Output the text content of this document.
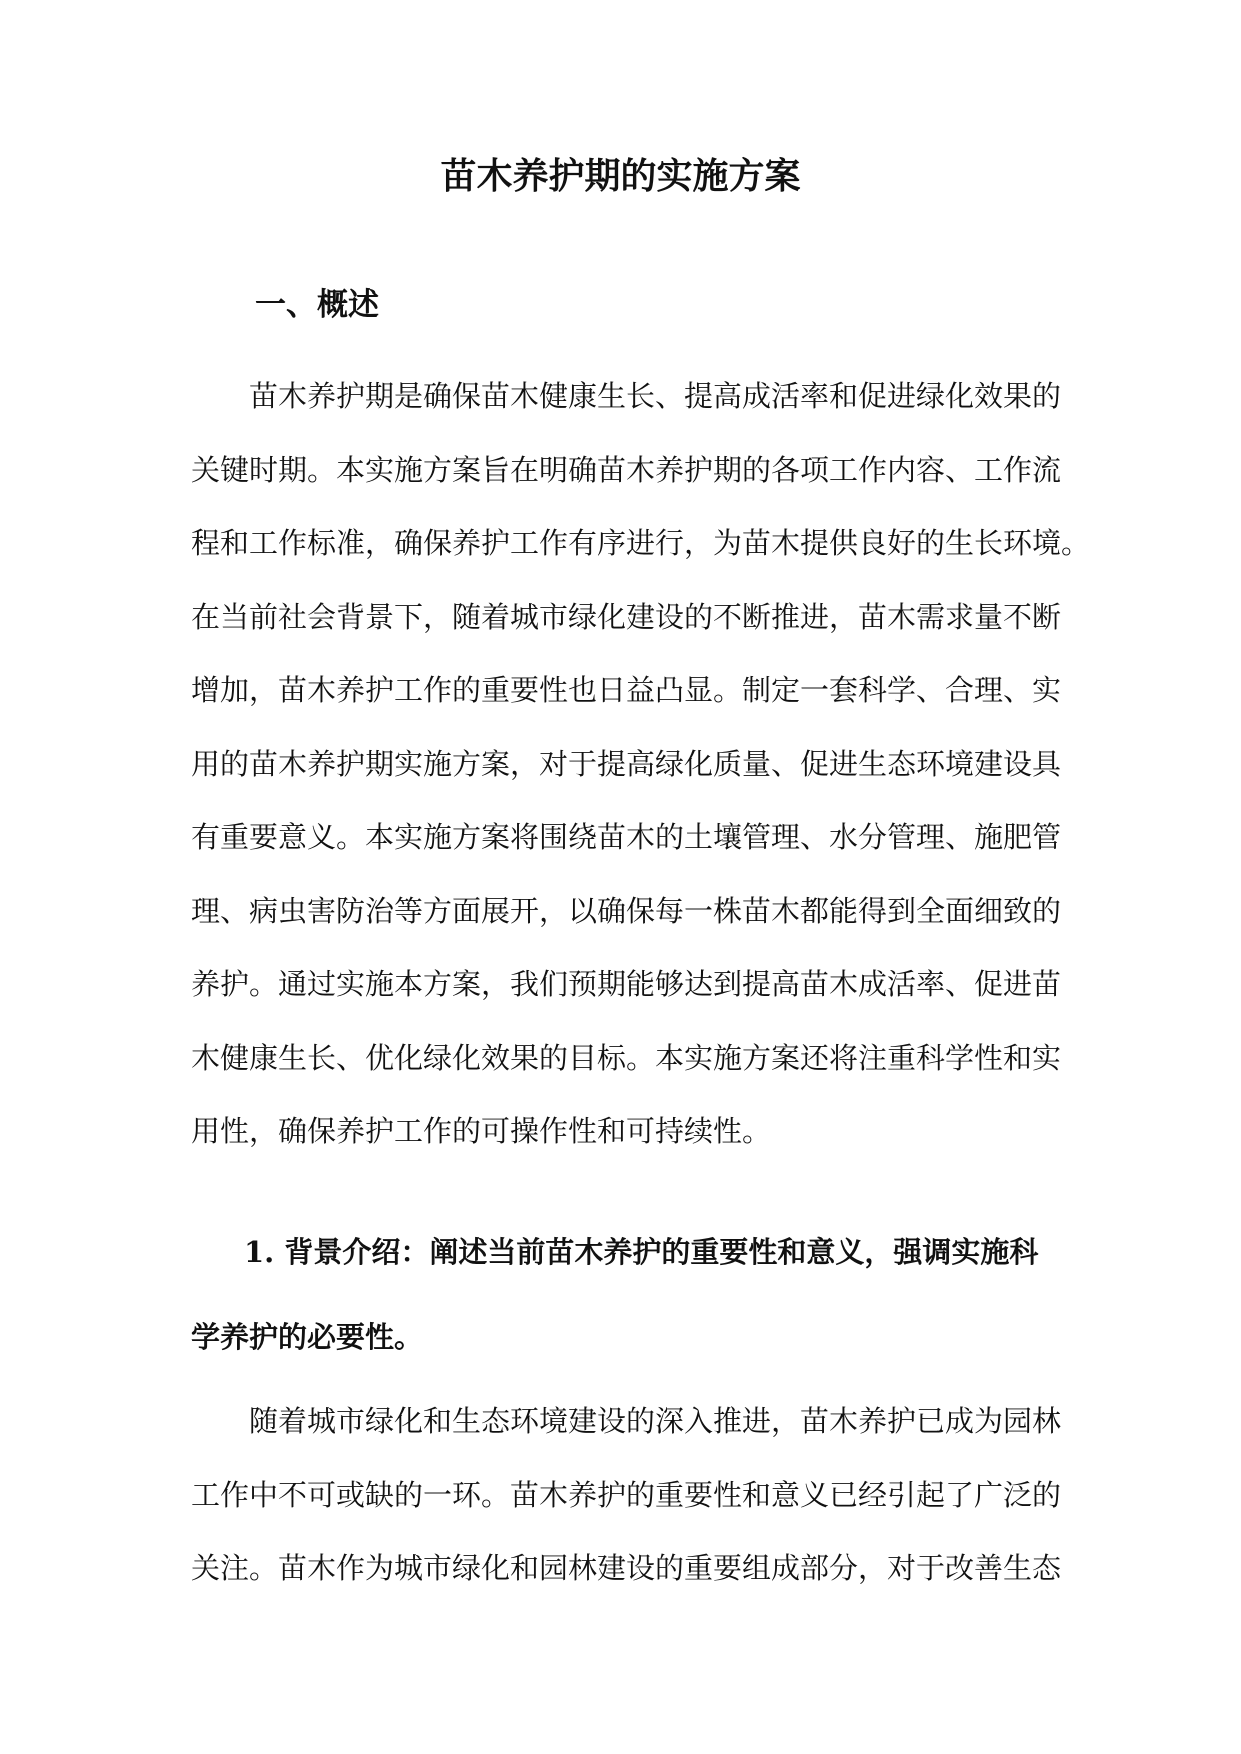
苗木养护期的实施方案
一、概述

苗木养护期是确保苗木健康生长、提高成活率和促进绿化效果的
关键时期。本实施方案旨在明确苗木养护期的各项工作内容、工作流
程和工作标准，确保养护工作有序进行，为苗木提供良好的生长环境。
在当前社会背景下，随着城市绿化建设的不断推进，苗木需求量不断
增加，苗木养护工作的重要性也日益凸显。制定一套科学、合理、实
用的苗木养护期实施方案，对于提高绿化质量、促进生态环境建设具
有重要意义。本实施方案将围绕苗木的土壤管理、水分管理、施肥管
理、病虫害防治等方面展开，以确保每一株苗木都能得到全面细致的
养护。通过实施本方案，我们预期能够达到提高苗木成活率、促进苗
木健康生长、优化绿化效果的目标。本实施方案还将注重科学性和实
用性，确保养护工作的可操作性和可持续性。

1. 背景介绍：阐述当前苗木养护的重要性和意义，强调实施科
学养护的必要性。

随着城市绿化和生态环境建设的深入推进，苗木养护已成为园林
工作中不可或缺的一环。苗木养护的重要性和意义已经引起了广泛的
关注。苗木作为城市绿化和园林建设的重要组成部分，对于改善生态
